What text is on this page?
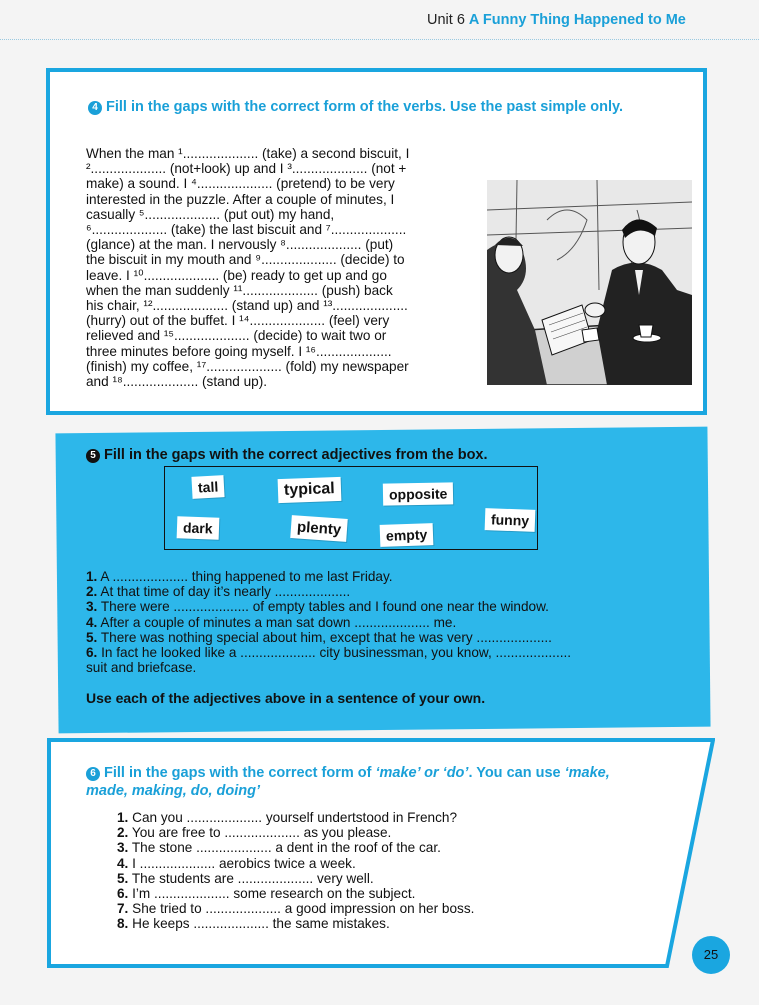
Unit 6 A Funny Thing Happened to Me
4 Fill in the gaps with the correct form of the verbs. Use the past simple only.
When the man ¹.................... (take) a second biscuit, I
².................... (not+look) up and I ³.................... (not +
make) a sound. I ⁴.................... (pretend) to be very
interested in the puzzle. After a couple of minutes, I
casually ⁵.................... (put out) my hand,
⁶.................... (take) the last biscuit and ⁷....................
(glance) at the man. I nervously ⁸.................... (put)
the biscuit in my mouth and ⁹.................... (decide) to
leave. I ¹⁰.................... (be) ready to get up and go
when the man suddenly ¹¹.................... (push) back
his chair, ¹².................... (stand up) and ¹³....................
(hurry) out of the buffet. I ¹⁴.................... (feel) very
relieved and ¹⁵.................... (decide) to wait two or
three minutes before going myself. I ¹⁶....................
(finish) my coffee, ¹⁷.................... (fold) my newspaper
and ¹⁸.................... (stand up).
5 Fill in the gaps with the correct adjectives from the box.
tall	typical	opposite
funny
dark	plenty	empty
1. A .................... thing happened to me last Friday.
2. At that time of day it’s nearly ....................
3. There were .................... of empty tables and I found one near the window.
4. After a couple of minutes a man sat down .................... me.
5. There was nothing special about him, except that he was very ....................
6. In fact he looked like a .................... city businessman, you know, ....................
suit and briefcase.
Use each of the adjectives above in a sentence of your own.
6 Fill in the gaps with the correct form of ‘make’ or ‘do’. You can use ‘make,
made, making, do, doing’
1. Can you .................... yourself undertstood in French?
2. You are free to .................... as you please.
3. The stone .................... a dent in the roof of the car.
4. I .................... aerobics twice a week.
5. The students are .................... very well.
6. I’m .................... some research on the subject.
7. She tried to .................... a good impression on her boss.
8. He keeps .................... the same mistakes.
25
